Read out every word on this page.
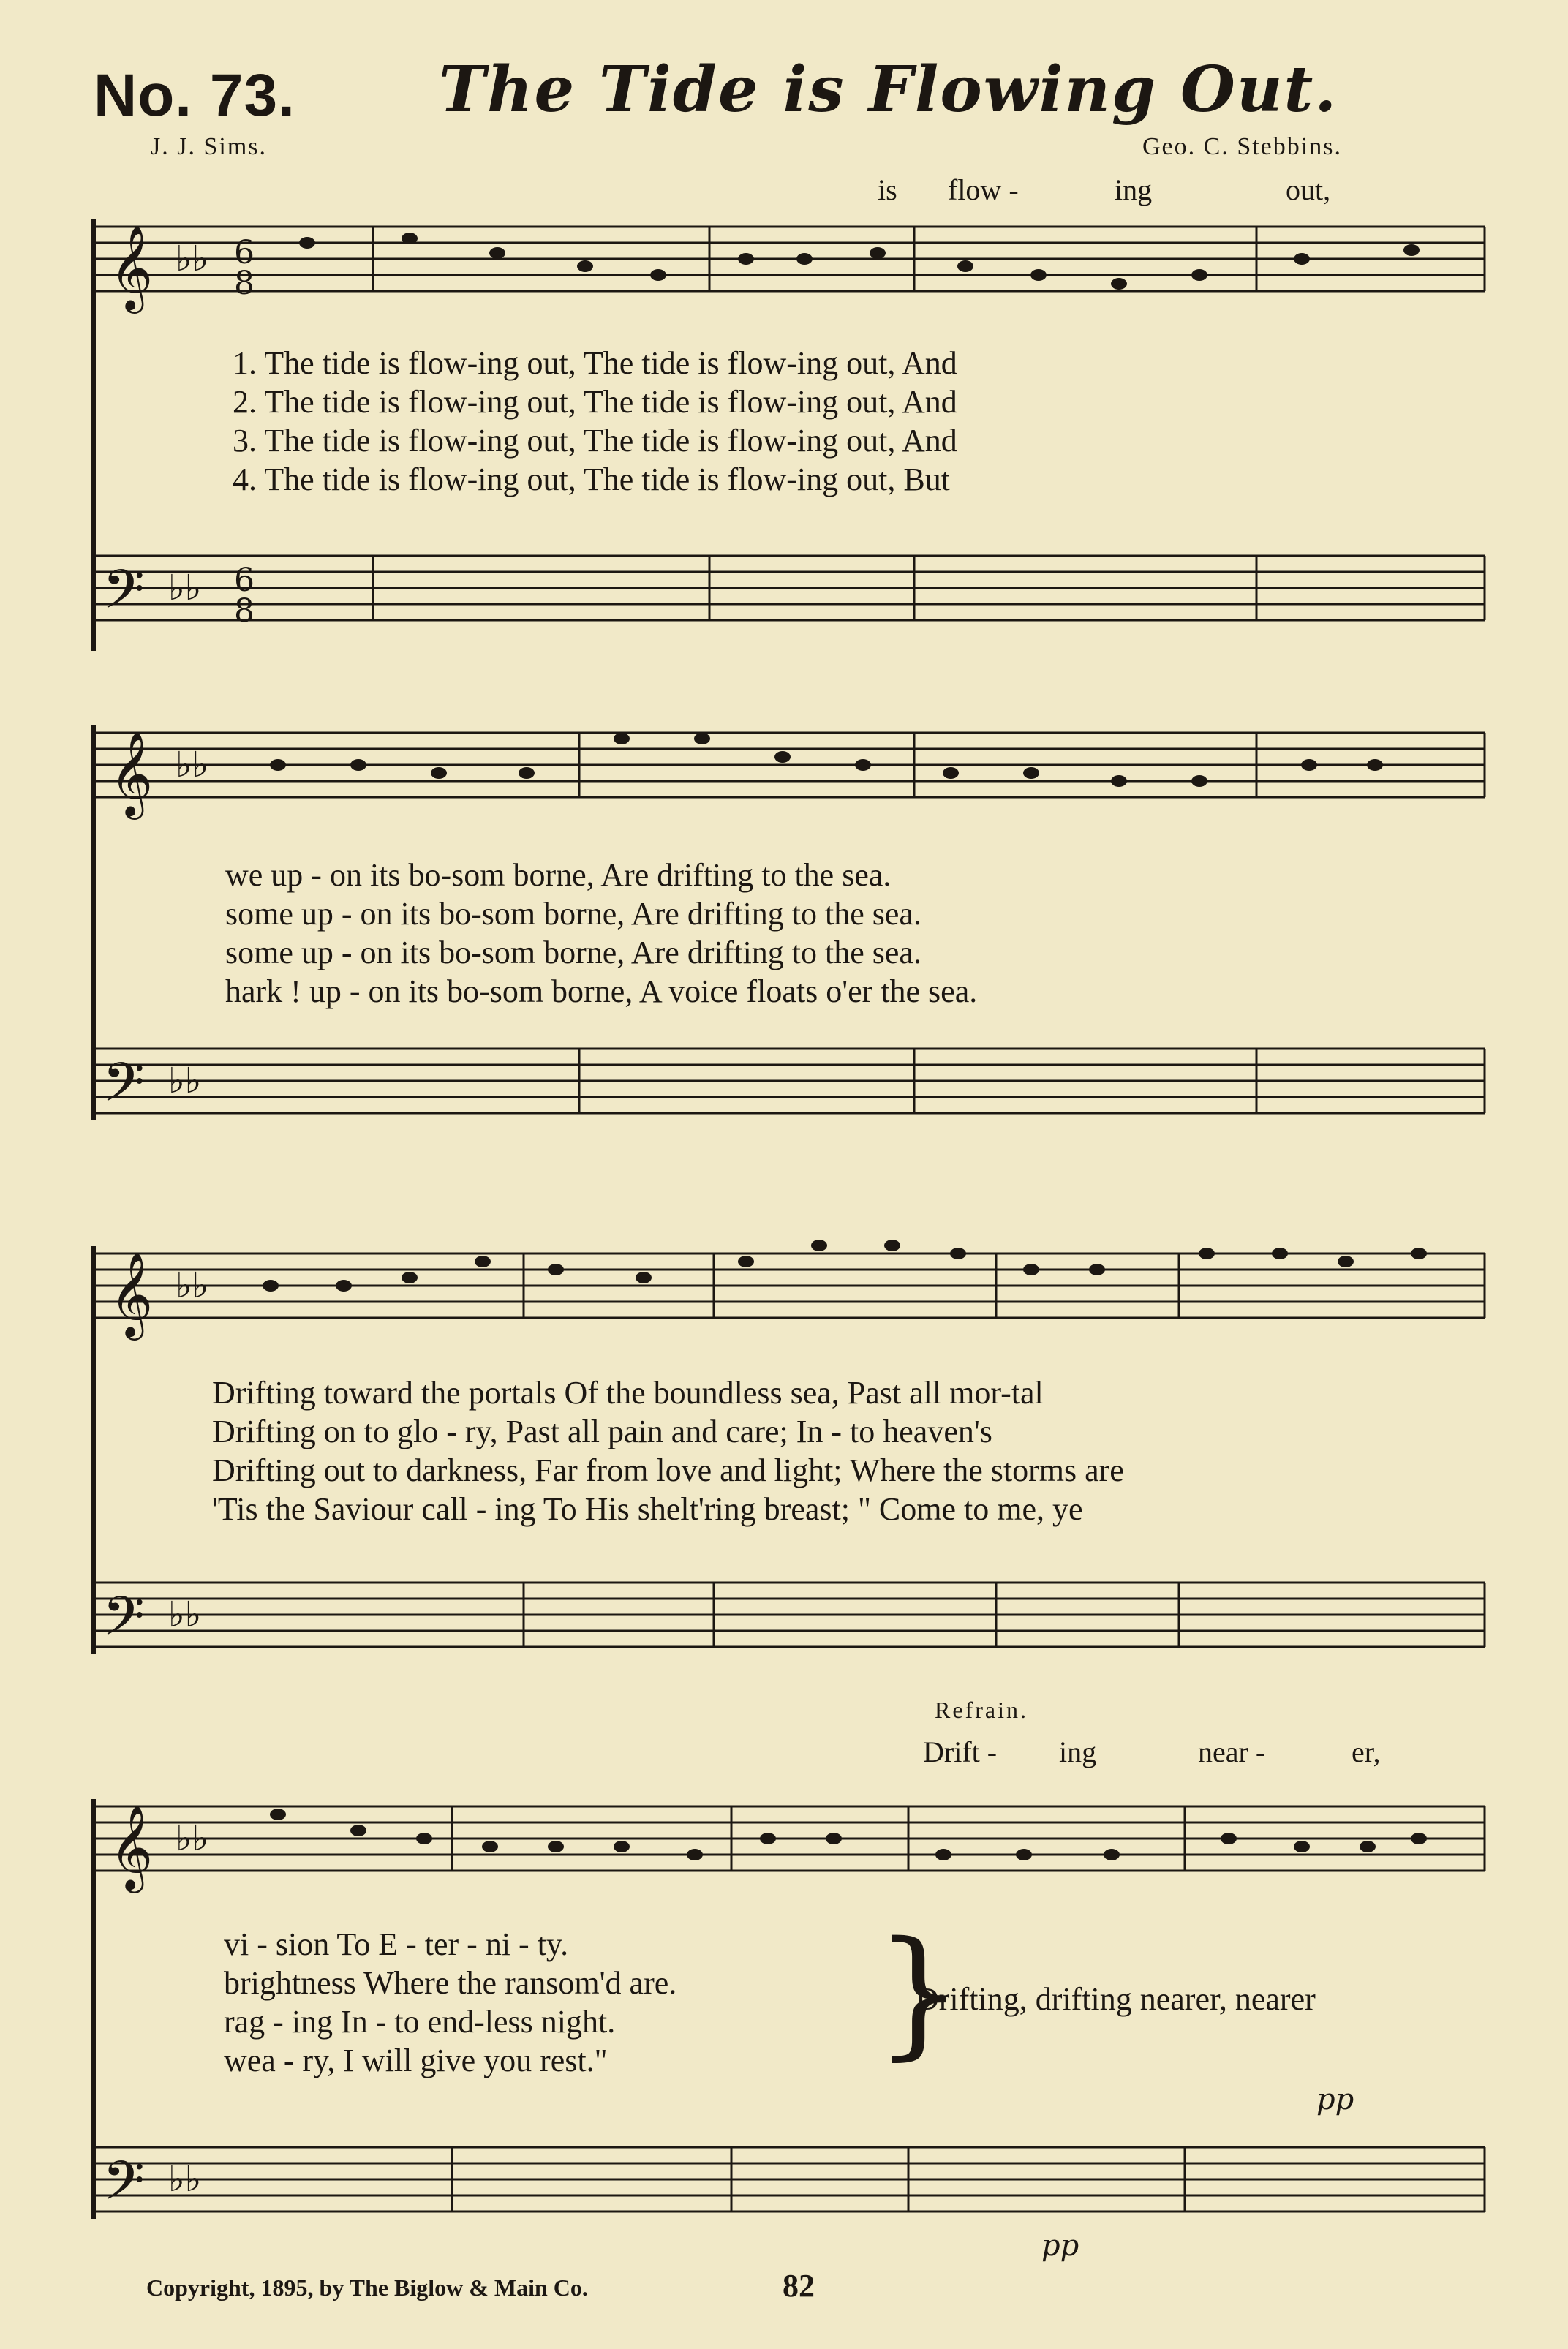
No. 73. The Tide is Flowing Out.
J. J. Sims.	Geo. C. Stebbins.
𝄞 ♭♭ 6
8
𝄢 ♭♭ 6
8
𝄞 ♭♭
𝄢 ♭♭
𝄞 ♭♭
𝄢 ♭♭
𝄞 ♭♭
𝄢 ♭♭
is flow -	ing	out,
1. The tide is flow-ing out, The tide is flow-ing out, And
2. The tide is flow-ing out, The tide is flow-ing out, And
3. The tide is flow-ing out, The tide is flow-ing out, And
4. The tide is flow-ing out, The tide is flow-ing out, But
we up - on its bo-som borne, Are drifting to the sea.
some up - on its bo-som borne, Are drifting to the sea.
some up - on its bo-som borne, Are drifting to the sea.
hark ! up - on its bo-som borne, A voice floats o'er the sea.
Drifting toward the portals Of the boundless sea, Past all mor-tal
Drifting on to glo - ry, Past all pain and care; In - to heaven's
Drifting out to darkness, Far from love and light; Where the storms are
'Tis the Saviour call - ing To His shelt'ring breast; " Come to me, ye
Refrain.
Drift - ing	near -	er,
vi - sion To E - ter - ni - ty.
brightness Where the ransom'd are.
rag - ing In - to end-less night.
wea - ry, I will give you rest."	}
Drifting, drifting nearer, nearer
pp
pp
Copyright, 1895, by The Biglow & Main Co.	82
